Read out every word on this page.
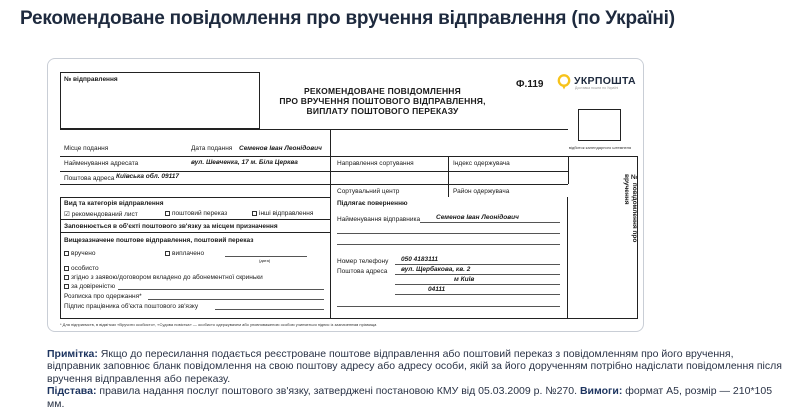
Рекомендоване повідомлення про вручення відправлення (по Україні)
№ відправлення
РЕКОМЕНДОВАНЕ ПОВІДОМЛЕННЯ
ПРО ВРУЧЕННЯ ПОШТОВОГО ВІДПРАВЛЕННЯ,
ВИПЛАТУ ПОШТОВОГО ПЕРЕКАЗУ
Ф.119	УКРПОШТА
Доставка пошти по Україні
відбиток календарного штемпеля
Місце подання	Дата подання Семенов Іван Леонідович
Найменування адресата	вул. Шевченка, 17 м. Біла Церква
Поштова адреса Київська обл. 09117
Направлення сортування	Індекс одержувача
Сортувальний центр	Район одержувача
Вид та категорія відправлення
☑ рекомендований лист	поштовий переказ	інші відправлення
Заповнюється в об'єкті поштового зв'язку за місцем призначення
Вищезазначене поштове відправлення, поштовий переказ
вручено	виплачено
(дата)
особисто
згідно з заявою/договором вкладено до абонементної скриньки
за довіреністю
Розписка про одержання*
Підпис працівника об'єкта поштового зв'язку
Підлягає поверненню
Найменування відправника Семенов Іван Леонідович
Номер телефону 050 4183111
Поштова адреса вул. Щербакова, кв. 2
м Київ
04111
№ повідомлення про вручення
* Для підприємств, в відмітках «Вручити особисто», «Судова повістка» — особисто одержувачем або уповноваженою особою учиняється підпис із зазначенням прізвища
Примітка: Якщо до пересилання подається реєстроване поштове відправлення або поштовий переказ з повідомленням про його вручення, відправник заповнює бланк повідомлення на свою поштову адресу або адресу особи, якій за його дорученням потрібно надіслати повідомлення після вручення відправлення або переказу.
Підстава: правила надання послуг поштового зв'язку, затверджені постановою КМУ від 05.03.2009 р. №270. Вимоги: формат А5, розмір — 210*105 мм.
